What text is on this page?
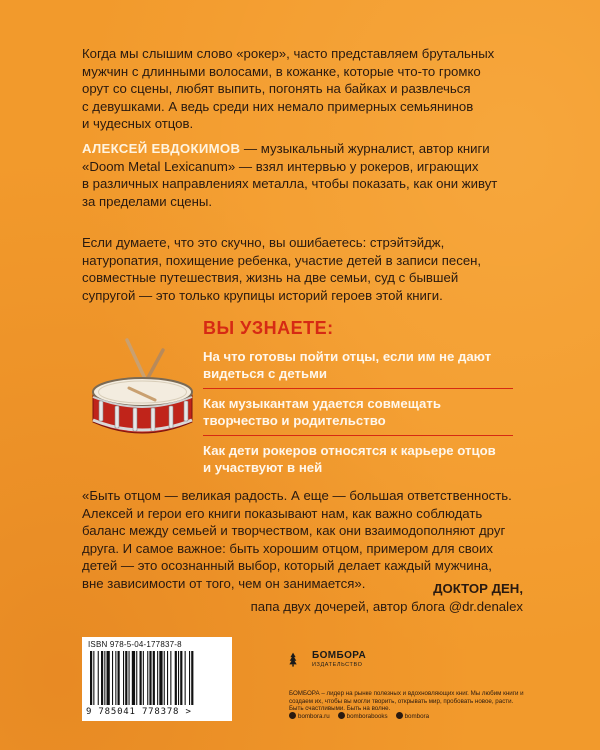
Когда мы слышим слово «рокер», часто представляем брутальных
мужчин с длинными волосами, в кожанке, которые что-то громко
орут со сцены, любят выпить, погонять на байках и развлечься
с девушками. А ведь среди них немало примерных семьянинов
и чудесных отцов.
АЛЕКСЕЙ ЕВДОКИМОВ — музыкальный журналист, автор книги
«Doom Metal Lexicanum» — взял интервью у рокеров, играющих
в различных направлениях металла, чтобы показать, как они живут
за пределами сцены.
Если думаете, что это скучно, вы ошибаетесь: стрэйтэйдж,
натуропатия, похищение ребенка, участие детей в записи песен,
совместные путешествия, жизнь на две семьи, суд с бывшей
супругой — это только крупицы историй героев этой книги.
ВЫ УЗНАЕТЕ:
На что готовы пойти отцы, если им не дают
видеться с детьми
Как музыкантам удается совмещать
творчество и родительство
Как дети рокеров относятся к карьере отцов
и участвуют в ней
«Быть отцом — великая радость. А еще — большая ответственность.
Алексей и герои его книги показывают нам, как важно соблюдать
баланс между семьей и творчеством, как они взаимодополняют друг
друга. И самое важное: быть хорошим отцом, примером для своих
детей — это осознанный выбор, который делает каждый мужчина,
вне зависимости от того, чем он занимается».	ДОКТОР ДЕН,
папа двух дочерей, автор блога @dr.denalex
ISBN 978-5-04-177837-8
9 785041 778378 >
БОМБОРА
ИЗДАТЕЛЬСТВО
БОМБОРА – лидер на рынке полезных и вдохновляющих книг. Мы любим книги и создаем их, чтобы вы могли творить, открывать мир, пробовать новое, расти. Быть счастливыми. Быть на волне.
bombora.ru	bomborabooks	bombora
